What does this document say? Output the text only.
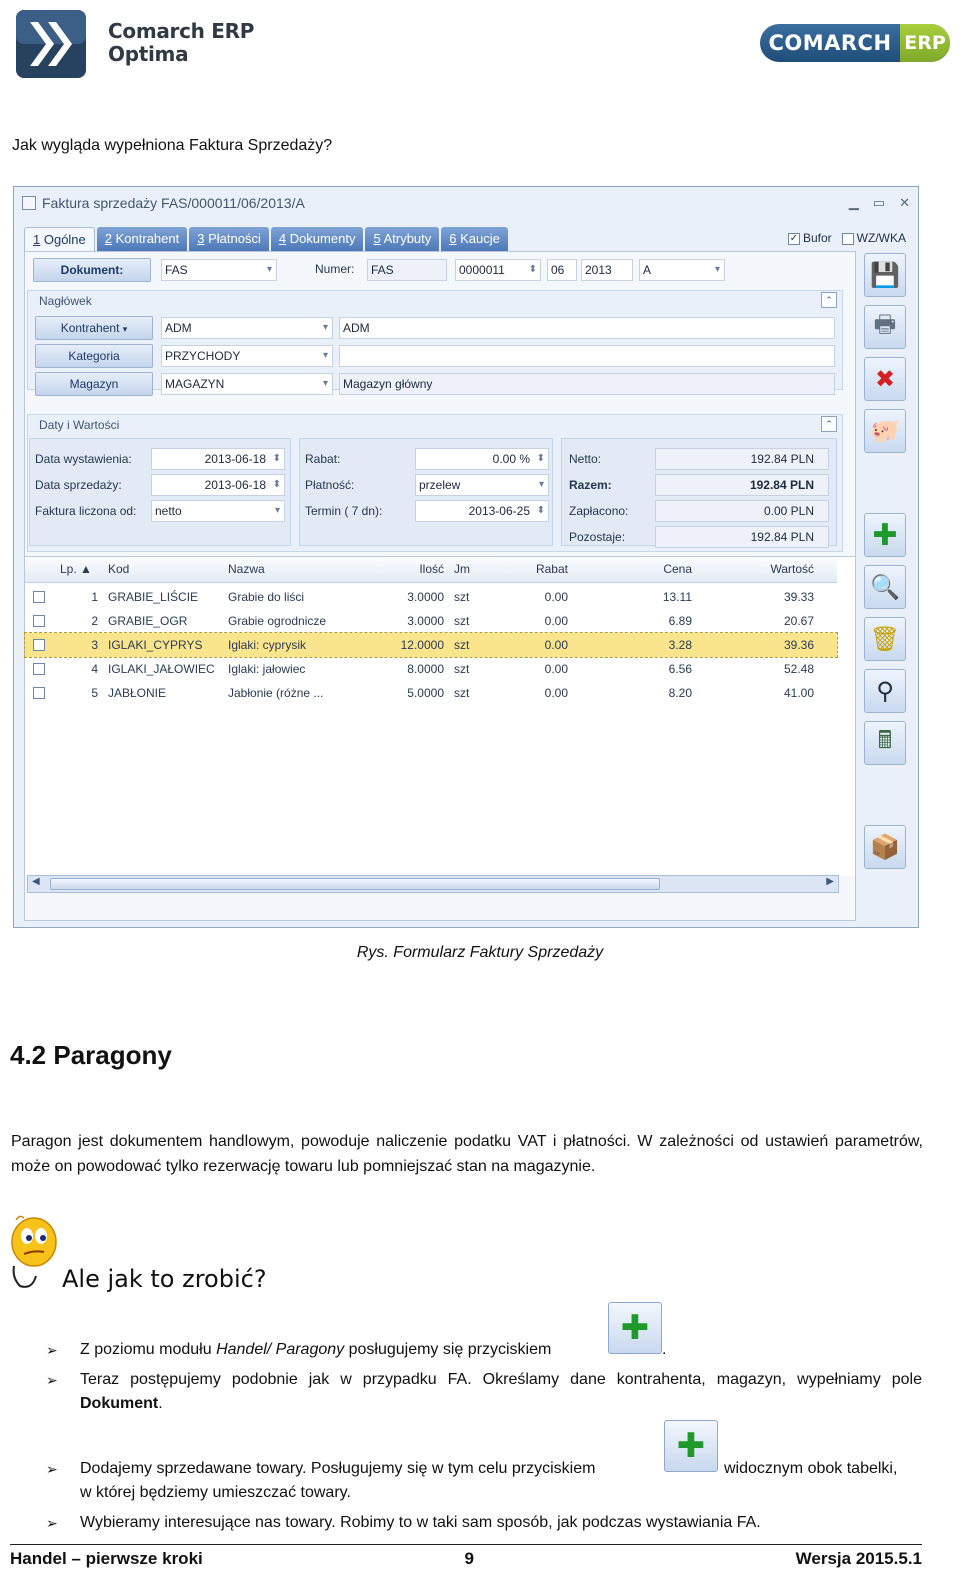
Comarch ERP
Optima	COMARCH ERP
Jak wygląda wypełniona Faktura Sprzedaży?
Faktura sprzedaży FAS/000011/06/2013/A	▁ ▭ ✕
1 Ogólne	2 Kontrahent	3 Płatności	4 Dokumenty	5 Atrybuty	6 Kaucje	✓ Bufor	WZ/WKA
Dokument:	FAS ▾	Numer:	FAS	0000011 ⬍	06	2013	A ▾
Nagłówek	⌃
Kontrahent ▾	ADM ▾	ADM
Kategoria	PRZYCHODY ▾
Magazyn	MAGAZYN ▾	Magazyn główny
Daty i Wartości	⌃
Data wystawienia:	2013-06-18 ⬍
Data sprzedaży:	2013-06-18 ⬍
Faktura liczona od:	netto ▾
Rabat:	0.00 % ⬍
Płatność:	przelew ▾
Termin ( 7 dn):	2013-06-25 ⬍
Netto:	192.84 PLN
Razem:	192.84 PLN
Zapłacono:	0.00 PLN
Pozostaje:	192.84 PLN
Lp. ▲	Kod	Nazwa	Ilość Jm	Rabat	Cena	Wartość
1 GRABIE_LIŚCIE	Grabie do liści	3.0000 szt	0.00	13.11	39.33
2 GRABIE_OGR	Grabie ogrodnicze	3.0000 szt	0.00	6.89	20.67
3 IGLAKI_CYPRYS	Iglaki: cyprysik	12.0000 szt	0.00	3.28	39.36
4 IGLAKI_JAŁOWIEC	Iglaki: jałowiec	8.0000 szt	0.00	6.56	52.48
5 JABŁONIE	Jabłonie (różne ...	5.0000 szt	0.00	8.20	41.00
◀	▶
💾
🖶
✖
🐖
✚
🔍
🗑
⚲
🖩
📦
Rys. Formularz Faktury Sprzedaży
4.2 Paragony
Paragon jest dokumentem handlowym, powoduje naliczenie podatku VAT i płatności. W zależności od ustawień parametrów, może on powodować tylko rezerwację towaru lub pomniejszać stan na magazynie.
Ale jak to zrobić?
➢ Z poziomu modułu Handel/ Paragony posługujemy się przyciskiem
✚
.
➢ Teraz postępujemy podobnie jak w przypadku FA. Określamy dane kontrahenta, magazyn, wypełniamy pole Dokument.
➢ Dodajemy sprzedawane towary. Posługujemy się w tym celu przyciskiem
✚
widocznym obok tabelki,
w której będziemy umieszczać towary.
➢ Wybieramy interesujące nas towary. Robimy to w taki sam sposób, jak podczas wystawiania FA.
Handel – pierwsze kroki	9	Wersja 2015.5.1
